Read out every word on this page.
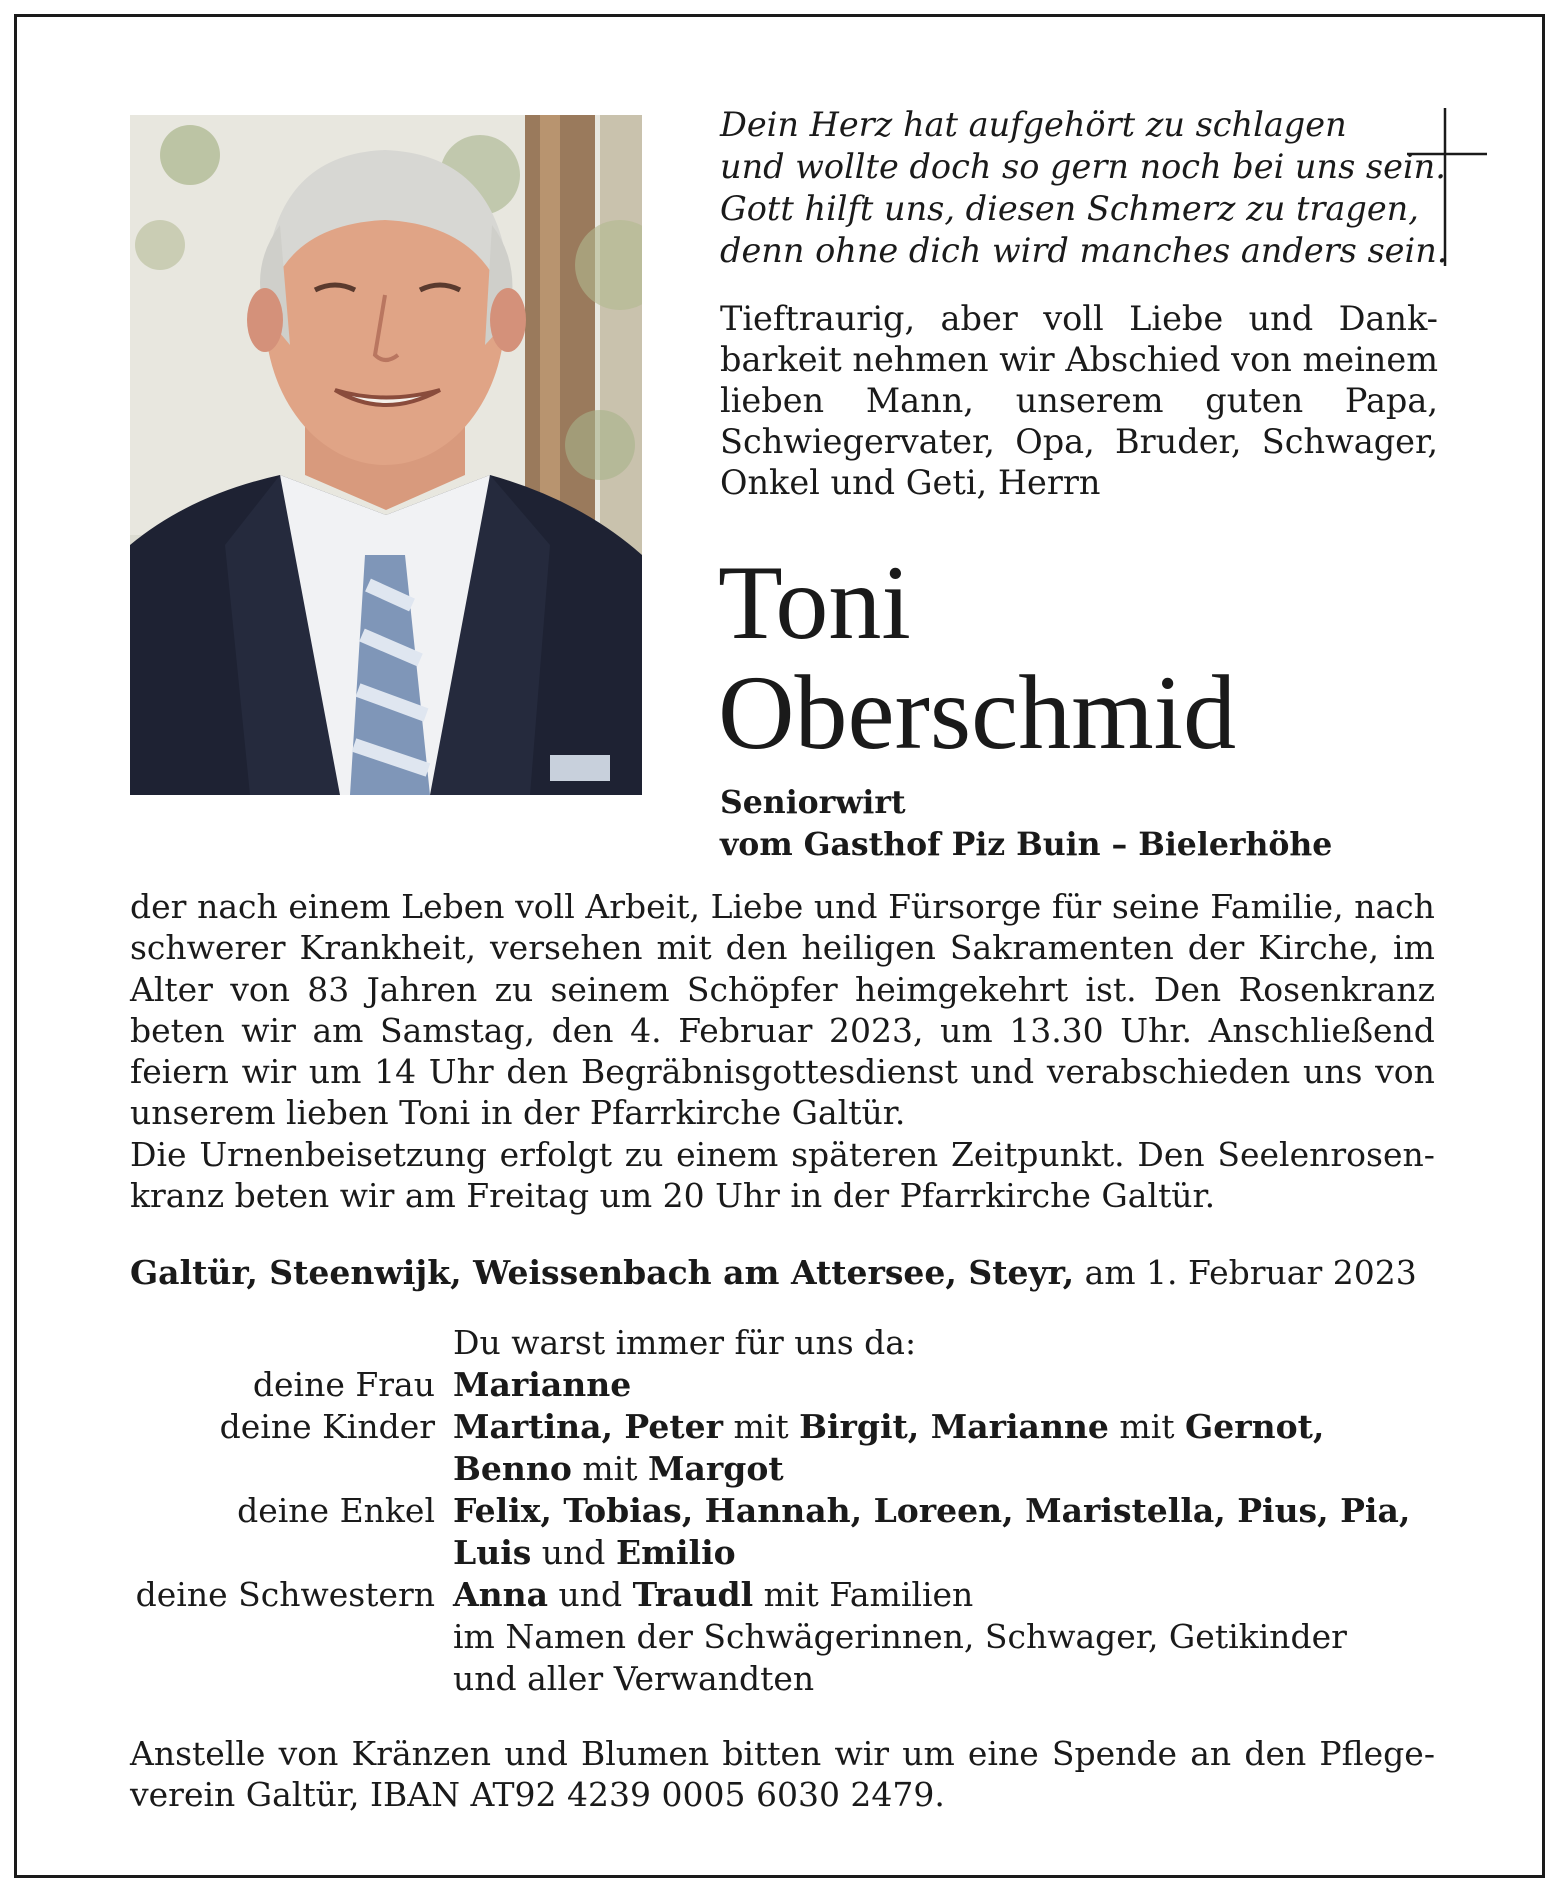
Dein Herz hat aufgehört zu schlagen
und wollte doch so gern noch bei uns sein.
Gott hilft uns, diesen Schmerz zu tragen,
denn ohne dich wird manches anders sein.
Tieftraurig, aber voll Liebe und Dank-
barkeit nehmen wir Abschied von meinem
lieben Mann, unserem guten Papa,
Schwiegervater, Opa, Bruder, Schwager,
Onkel und Geti, Herrn
Toni
Oberschmid
Seniorwirt
vom Gasthof Piz Buin – Bielerhöhe
der nach einem Leben voll Arbeit, Liebe und Fürsorge für seine Familie, nach
schwerer Krankheit, versehen mit den heiligen Sakramenten der Kirche, im
Alter von 83 Jahren zu seinem Schöpfer heimgekehrt ist. Den Rosenkranz
beten wir am Samstag, den 4. Februar 2023, um 13.30 Uhr. Anschließend
feiern wir um 14 Uhr den Begräbnisgottesdienst und verabschieden uns von
unserem lieben Toni in der Pfarrkirche Galtür.
Die Urnenbeisetzung erfolgt zu einem späteren Zeitpunkt. Den Seelenrosen-
kranz beten wir am Freitag um 20 Uhr in der Pfarrkirche Galtür.
Galtür, Steenwijk, Weissenbach am Attersee, Steyr, am 1. Februar 2023
Du warst immer für uns da:
deine Frau Marianne
deine Kinder Martina, Peter mit Birgit, Marianne mit Gernot,
Benno mit Margot
deine Enkel Felix, Tobias, Hannah, Loreen, Maristella, Pius, Pia,
Luis und Emilio
deine Schwestern Anna und Traudl mit Familien
im Namen der Schwägerinnen, Schwager, Getikinder
und aller Verwandten
Anstelle von Kränzen und Blumen bitten wir um eine Spende an den Pflege-
verein Galtür, IBAN AT92 4239 0005 6030 2479.
